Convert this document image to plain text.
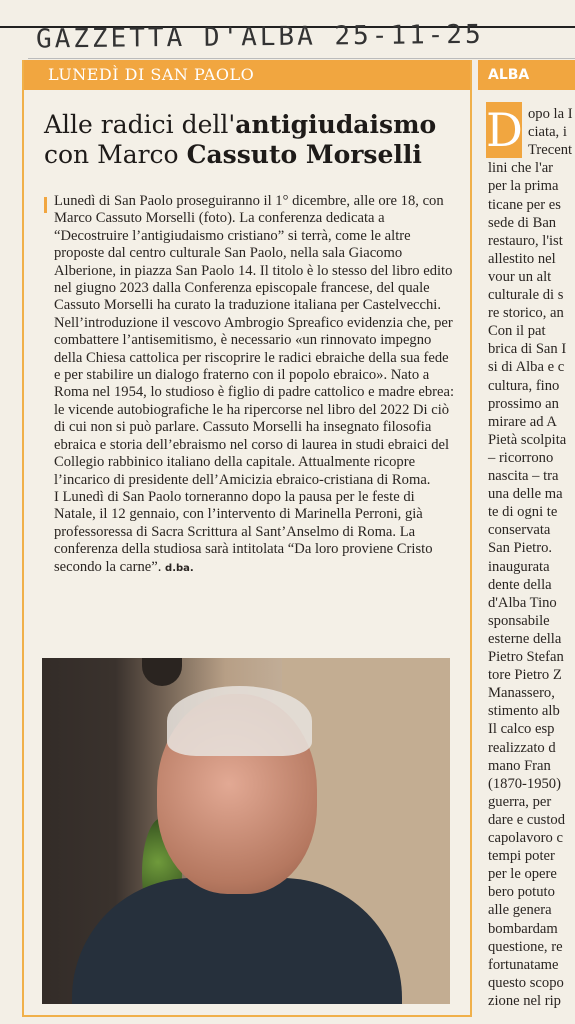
GAZZETTA D'ALBA 25-11-25
LUNEDÌ DI SAN PAOLO
Alle radici dell'antigiudaismo
con Marco Cassuto Morselli

Lunedì di San Paolo proseguiranno il 1° dicembre, alle ore 18, con Marco Cassuto Morselli (foto). La conferenza dedicata a “Decostruire l’antigiudaismo cristiano” si terrà, come le altre proposte dal centro culturale San Paolo, nella sala Giacomo Alberione, in piazza San Paolo 14. Il titolo è lo stesso del libro edito nel giugno 2023 dalla Conferenza episcopale francese, del quale Cassuto Morselli ha curato la traduzione italiana per Castelvecchi.

Nell’introduzione il vescovo Ambrogio Spreafico evidenzia che, per combattere l’antisemitismo, è necessario «un rinnovato impegno della Chiesa cattolica per riscoprire le radici ebraiche della sua fede e per stabilire un dialogo fraterno con il popolo ebraico». Nato a Roma nel 1954, lo studioso è figlio di padre cattolico e madre ebrea: le vicende autobiografiche le ha ripercorse nel libro del 2022 Di ciò di cui non si può parlare. Cassuto Morselli ha insegnato filosofia ebraica e storia dell’ebraismo nel corso di laurea in studi ebraici del Collegio rabbinico italiano della capitale. Attualmente ricopre l’incarico di presidente dell’Amicizia ebraico-cristiana di Roma.

I Lunedì di San Paolo torneranno dopo la pausa per le feste di Natale, il 12 gennaio, con l’intervento di Marinella Perroni, già professoressa di Sacra Scrittura al Sant’Anselmo di Roma. La conferenza della studiosa sarà intitolata “Da loro proviene Cristo secondo la carne”. d.ba.

ALBA
D opo la I
ciata, i
Trecent
lini che l'ar
per la prima
ticane per es
sede di Ban
restauro, l'ist
allestito nel
vour un alt
culturale di s
re storico, an
Con il pat
brica di San I
si di Alba e c
cultura, fino
prossimo an
mirare ad A
Pietà scolpita
– ricorrono
nascita – tra
una delle ma
te di ogni te
conservata
San Pietro.
inaugurata
dente della
d'Alba Tino
sponsabile
esterne della
Pietro Stefan
tore Pietro Z
Manassero,
stimento alb
Il calco esp
realizzato d
mano Fran
(1870-1950)
guerra, per
dare e custod
capolavoro c
tempi poter
per le opere
bero potuto
alle genera
bombardam
questione, re
fortunatame
questo scopo
zione nel rip
